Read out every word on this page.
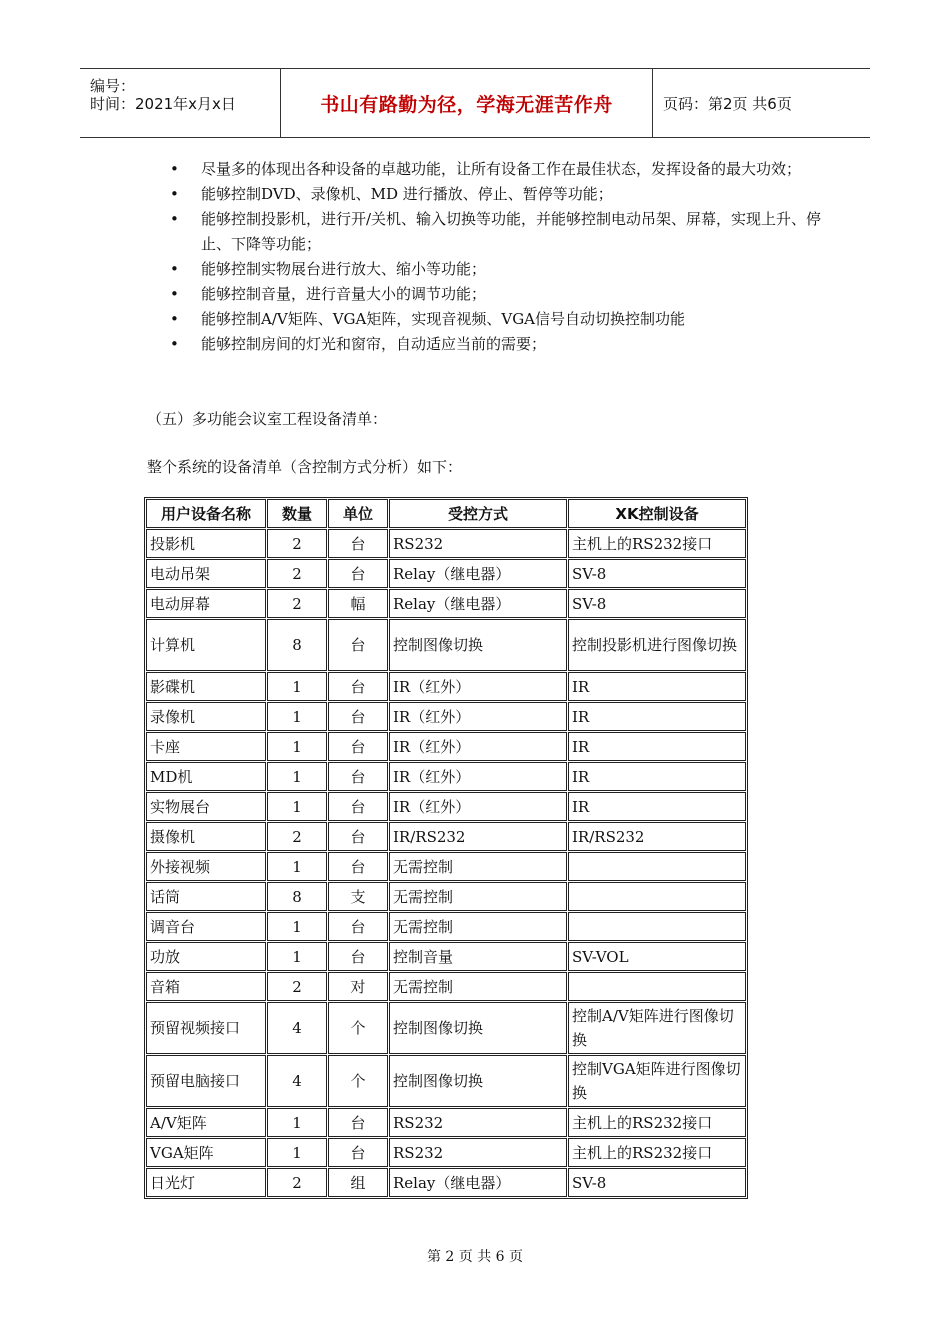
编号：
时间：2021年x月x日	书山有路勤为径，学海无涯苦作舟	页码：第2页 共6页
• 尽量多的体现出各种设备的卓越功能，让所有设备工作在最佳状态，发挥设备的最大功效；
• 能够控制DVD、录像机、MD 进行播放、停止、暂停等功能；
• 能够控制投影机，进行开/关机、输入切换等功能，并能够控制电动吊架、屏幕，实现上升、停止、下降等功能；
• 能够控制实物展台进行放大、缩小等功能；
• 能够控制音量，进行音量大小的调节功能；
• 能够控制A/V矩阵、VGA矩阵，实现音视频、VGA信号自动切换控制功能
• 能够控制房间的灯光和窗帘，自动适应当前的需要；
（五）多功能会议室工程设备清单：
整个系统的设备清单（含控制方式分析）如下：
用户设备名称	数量	单位	受控方式	XK控制设备
投影机	2	台	RS232	主机上的RS232接口
电动吊架	2	台	Relay（继电器）	SV-8
电动屏幕	2	幅	Relay（继电器）	SV-8
计算机	8	台	控制图像切换	控制投影机进行图像切换
影碟机	1	台	IR（红外）	IR
录像机	1	台	IR（红外）	IR
卡座	1	台	IR（红外）	IR
MD机	1	台	IR（红外）	IR
实物展台	1	台	IR（红外）	IR
摄像机	2	台	IR/RS232	IR/RS232
外接视频	1	台	无需控制	
话筒	8	支	无需控制	
调音台	1	台	无需控制	
功放	1	台	控制音量	SV-VOL
音箱	2	对	无需控制	
预留视频接口	4	个	控制图像切换	控制A/V矩阵进行图像切换
预留电脑接口	4	个	控制图像切换	控制VGA矩阵进行图像切换
A/V矩阵	1	台	RS232	主机上的RS232接口
VGA矩阵	1	台	RS232	主机上的RS232接口
日光灯	2	组	Relay（继电器）	SV-8
第 2 页 共 6 页
